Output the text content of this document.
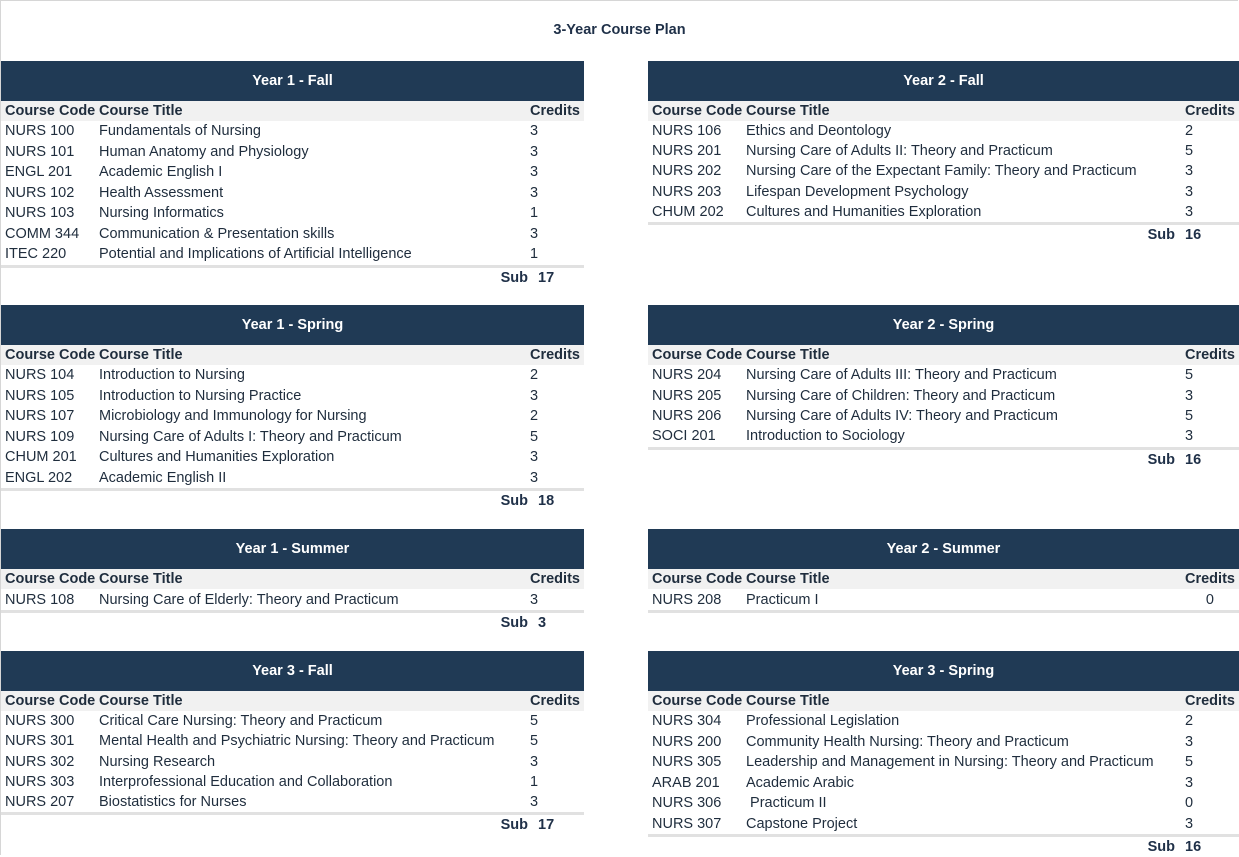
3-Year Course Plan
Year 1 - Fall
Course Code Course Title	Credits
NURS 100	Fundamentals of Nursing	3
NURS 101	Human Anatomy and Physiology	3
ENGL 201	Academic English I	3
NURS 102	Health Assessment	3
NURS 103	Nursing Informatics	1
COMM 344	Communication & Presentation skills	3
ITEC 220	Potential and Implications of Artificial Intelligence	1
Sub 17
Year 2 - Fall
Course Code Course Title	Credits
NURS 106	Ethics and Deontology	2
NURS 201	Nursing Care of Adults II: Theory and Practicum	5
NURS 202	Nursing Care of the Expectant Family: Theory and Practicum	3
NURS 203	Lifespan Development Psychology	3
CHUM 202	Cultures and Humanities Exploration	3
Sub 16
Year 1 - Spring
Course Code Course Title	Credits
NURS 104	Introduction to Nursing	2
NURS 105	Introduction to Nursing Practice	3
NURS 107	Microbiology and Immunology for Nursing	2
NURS 109	Nursing Care of Adults I: Theory and Practicum	5
CHUM 201	Cultures and Humanities Exploration	3
ENGL 202	Academic English II	3
Sub 18
Year 2 - Spring
Course Code Course Title	Credits
NURS 204	Nursing Care of Adults III: Theory and Practicum	5
NURS 205	Nursing Care of Children: Theory and Practicum	3
NURS 206	Nursing Care of Adults IV: Theory and Practicum	5
SOCI 201	Introduction to Sociology	3
Sub 16
Year 1 - Summer
Course Code Course Title	Credits
NURS 108	Nursing Care of Elderly: Theory and Practicum	3
Sub 3
Year 2 - Summer
Course Code Course Title	Credits
NURS 208	Practicum I	0
Year 3 - Fall
Course Code Course Title	Credits
NURS 300	Critical Care Nursing: Theory and Practicum	5
NURS 301	Mental Health and Psychiatric Nursing: Theory and Practicum	5
NURS 302	Nursing Research	3
NURS 303	Interprofessional Education and Collaboration	1
NURS 207	Biostatistics for Nurses	3
Sub 17
Year 3 - Spring
Course Code Course Title	Credits
NURS 304	Professional Legislation	2
NURS 200	Community Health Nursing: Theory and Practicum	3
NURS 305	Leadership and Management in Nursing: Theory and Practicum	5
ARAB 201	Academic Arabic	3
NURS 306	Practicum II	0
NURS 307	Capstone Project	3
Sub 16
